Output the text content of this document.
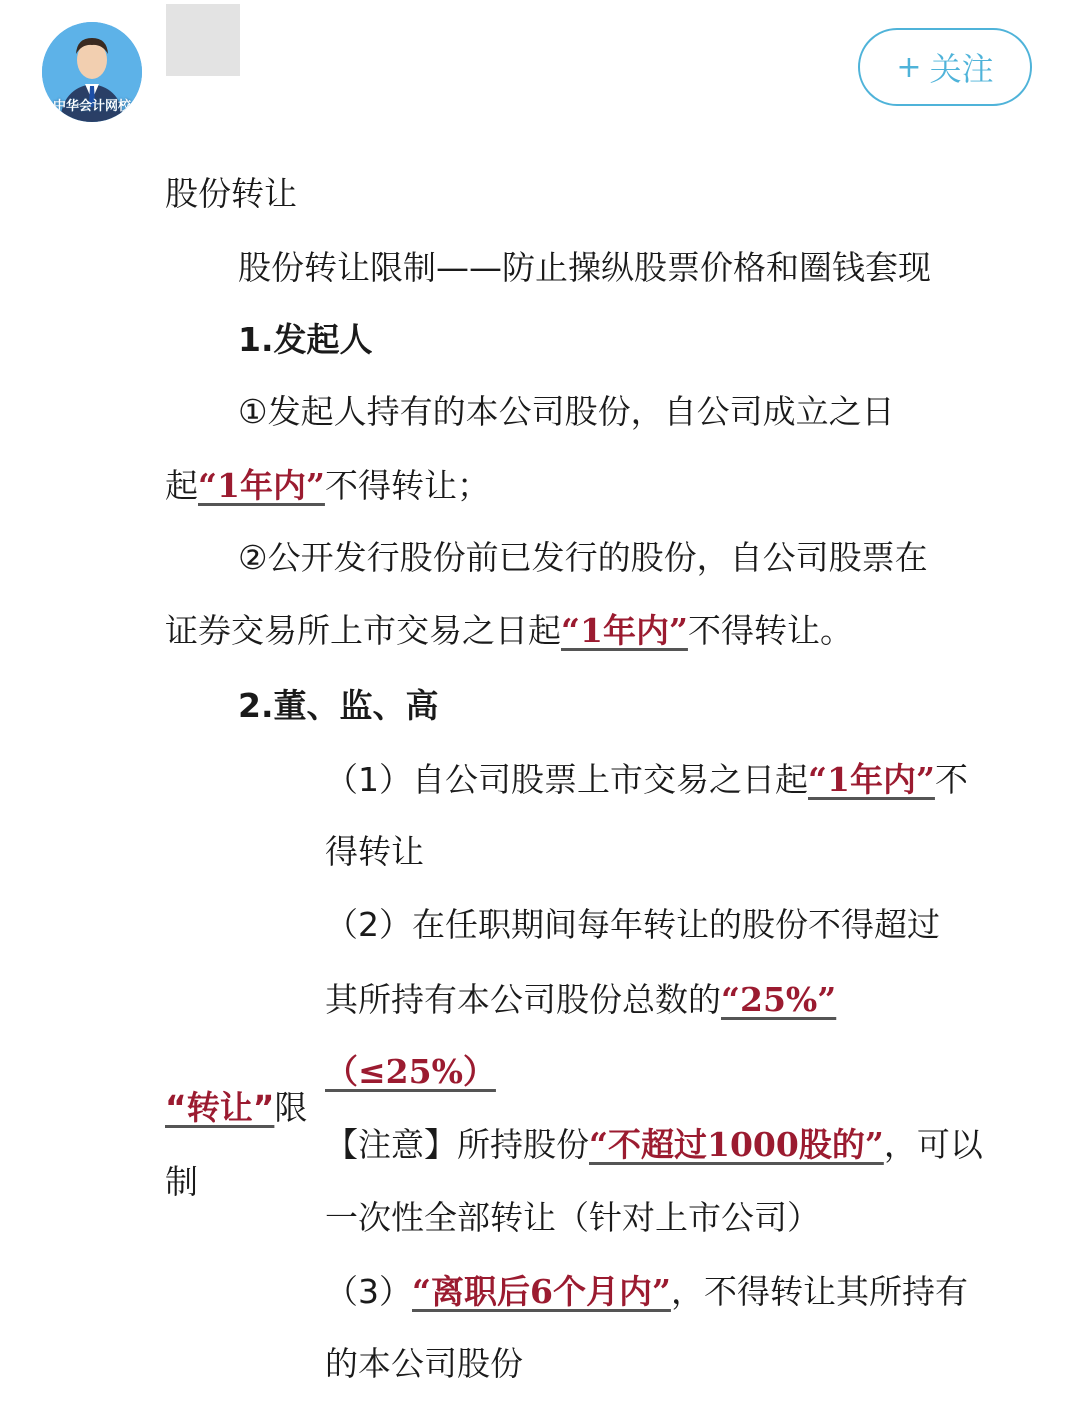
中华会计网校
+ 关注

股份转让

股份转让限制——防止操纵股票价格和圈钱套现

1.发起人

①发起人持有的本公司股份，自公司成立之日

起“1年内”不得转让；

②公开发行股份前已发行的股份，自公司股票在

证券交易所上市交易之日起“1年内”不得转让。

2.董、监、高

（1）自公司股票上市交易之日起“1年内”不

得转让

（2）在任职期间每年转让的股份不得超过

其所持有本公司股份总数的“25%”

（≤25%）

“转让”限

制

【注意】所持股份“不超过1000股的”，可以

一次性全部转让（针对上市公司）

（3）“离职后6个月内”，不得转让其所持有

的本公司股份
